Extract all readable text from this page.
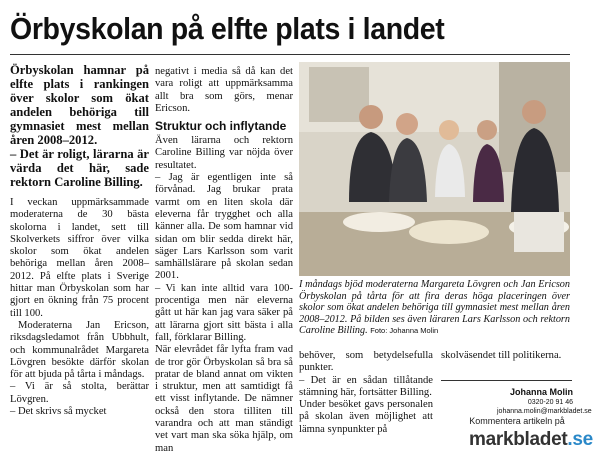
Örbyskolan på elfte plats i landet

Örbyskolan hamnar på elfte plats i rankingen över skolor som ökat andelen behöriga till gymnasiet mest mellan åren 2008–2012.

– Det är roligt, lärarna är värda det här, sade rektorn Caroline Billing.

I veckan uppmärksammade moderaterna de 30 bästa skolorna i landet, sett till Skolverkets siffror över vilka skolor som ökat andelen behöriga mellan åren 2008–2012. På elfte plats i Sverige hittar man Örbyskolan som har gjort en ökning från 75 procent till 100.

Moderaterna Jan Ericson, riksdagsledamot från Ubbhult, och kommunalrådet Margareta Lövgren besökte därför skolan för att bjuda på tårta i måndags.

– Vi är så stolta, berättar Lövgren.

– Det skrivs så mycket

negativt i media så då kan det vara roligt att uppmärksamma allt bra som görs, menar Ericson.

Struktur och inflytande

Även lärarna och rektorn Caroline Billing var nöjda över resultatet.

– Jag är egentligen inte så förvånad. Jag brukar prata varmt om en liten skola där eleverna får trygghet och alla känner alla. De som hamnar vid sidan om blir sedda direkt här, säger Lars Karlsson som varit samhällslärare på skolan sedan 2001.

– Vi kan inte alltid vara 100-procentiga men när eleverna gått ut här kan jag vara säker på att lärarna gjort sitt bästa i alla fall, förklarar Billing.

När elevrådet får lyfta fram vad de tror gör Örbyskolan så bra så pratar de bland annat om vikten i struktur, men att samtidigt få ett visst inflytande. De nämner också den stora tilliten till varandra och att man ständigt vet vart man ska söka hjälp, om man

I måndags bjöd moderaterna Margareta Lövgren och Jan Ericson Örbyskolan på tårta för att fira deras höga placeringen över skolor som ökat andelen behöriga till gymnasiet mest mellan åren 2008–2012. På bilden ses även läraren Lars Karlsson och rektorn Caroline Billing. Foto: Johanna Molin

behöver, som betydelsefulla punkter.

– Det är en sådan tillåtande stämning här, fortsätter Billing.

Under besöket gavs personalen på skolan även möjlighet att lämna synpunkter på

skolväsendet till politikerna.

Johanna Molin
0320-20 91 46
johanna.molin@markbladet.se
Kommentera artikeln på
markbladet.se
